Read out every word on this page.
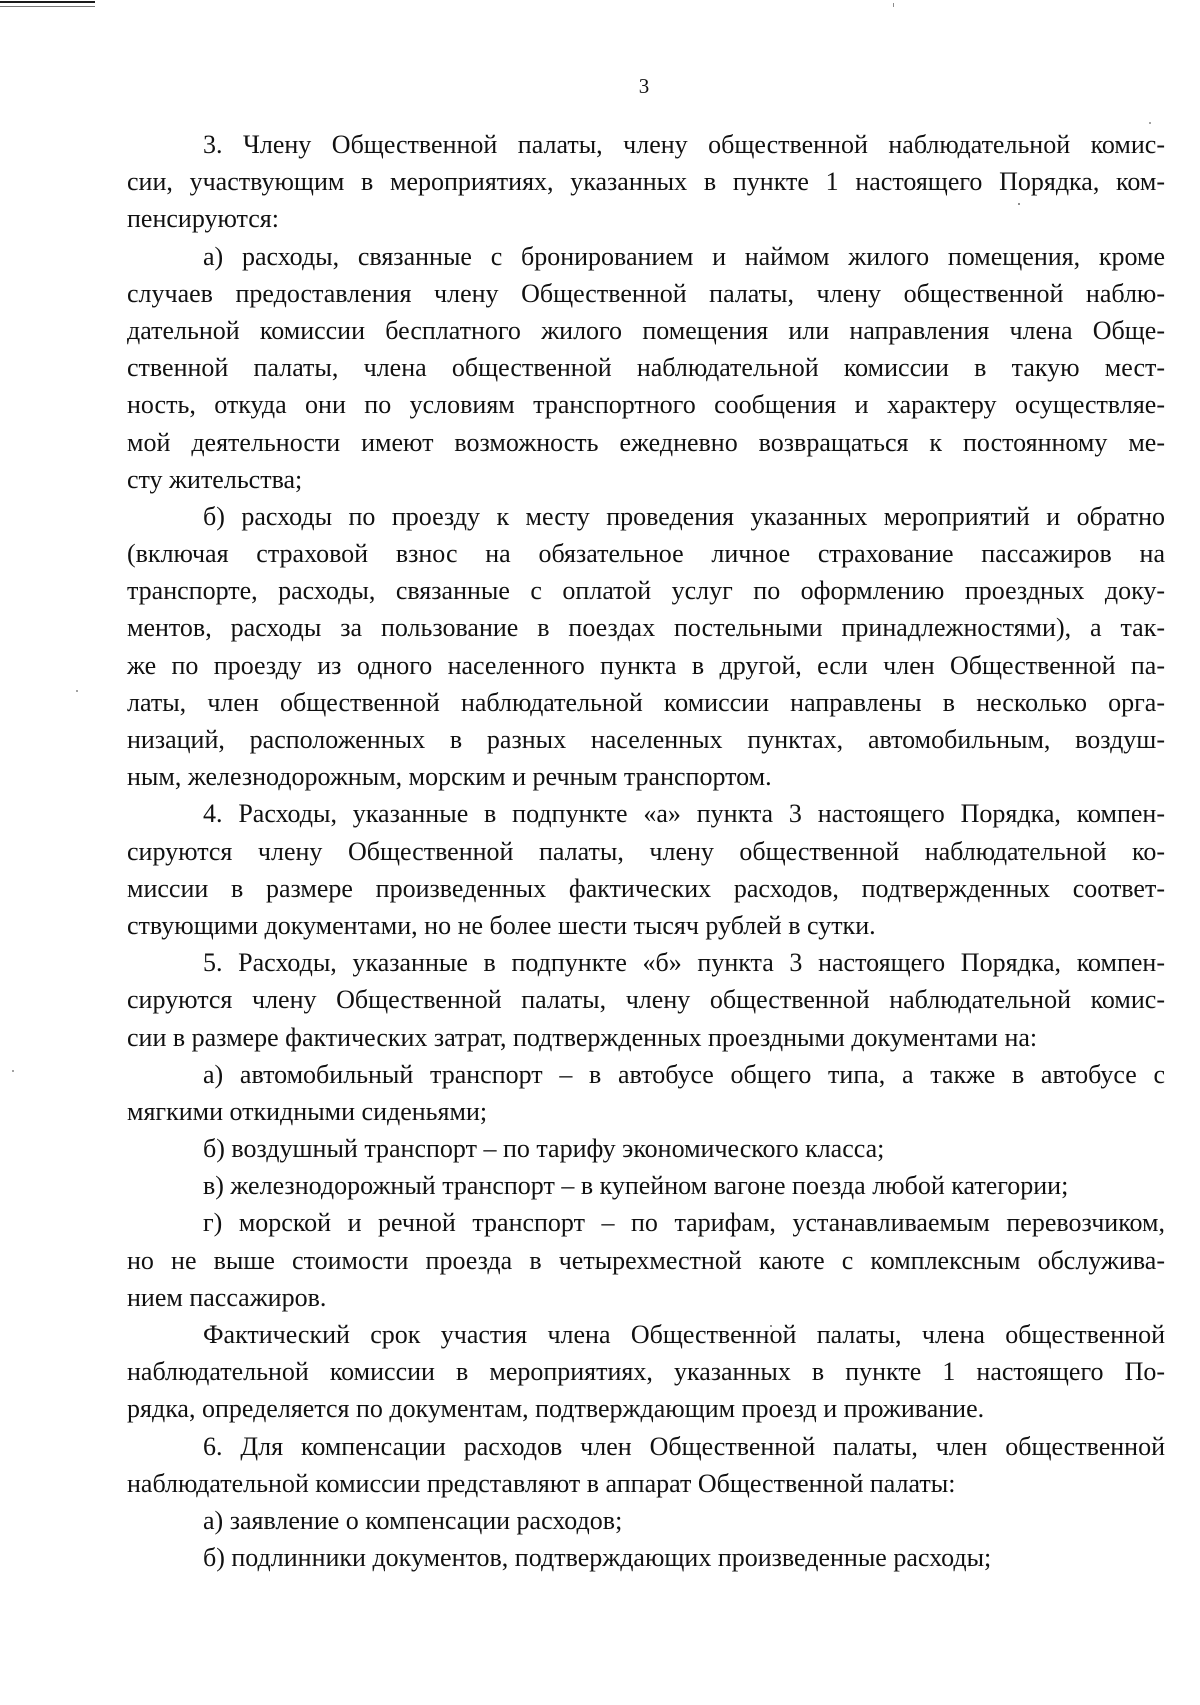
3
3. Члену Общественной палаты, члену общественной наблюдательной комис-
сии, участвующим в мероприятиях, указанных в пункте 1 настоящего Порядка, ком-
пенсируются:
а) расходы, связанные с бронированием и наймом жилого помещения, кроме
случаев предоставления члену Общественной палаты, члену общественной наблю-
дательной комиссии бесплатного жилого помещения или направления члена Обще-
ственной палаты, члена общественной наблюдательной комиссии в такую мест-
ность, откуда они по условиям транспортного сообщения и характеру осуществляе-
мой деятельности имеют возможность ежедневно возвращаться к постоянному ме-
сту жительства;
б) расходы по проезду к месту проведения указанных мероприятий и обратно
(включая страховой взнос на обязательное личное страхование пассажиров на
транспорте, расходы, связанные с оплатой услуг по оформлению проездных доку-
ментов, расходы за пользование в поездах постельными принадлежностями), а так-
же по проезду из одного населенного пункта в другой, если член Общественной па-
латы, член общественной наблюдательной комиссии направлены в несколько орга-
низаций, расположенных в разных населенных пунктах, автомобильным, воздуш-
ным, железнодорожным, морским и речным транспортом.
4. Расходы, указанные в подпункте «а» пункта 3 настоящего Порядка, компен-
сируются члену Общественной палаты, члену общественной наблюдательной ко-
миссии в размере произведенных фактических расходов, подтвержденных соответ-
ствующими документами, но не более шести тысяч рублей в сутки.
5. Расходы, указанные в подпункте «б» пункта 3 настоящего Порядка, компен-
сируются члену Общественной палаты, члену общественной наблюдательной комис-
сии в размере фактических затрат, подтвержденных проездными документами на:
а) автомобильный транспорт – в автобусе общего типа, а также в автобусе с
мягкими откидными сиденьями;
б) воздушный транспорт – по тарифу экономического класса;
в) железнодорожный транспорт – в купейном вагоне поезда любой категории;
г) морской и речной транспорт – по тарифам, устанавливаемым перевозчиком,
но не выше стоимости проезда в четырехместной каюте с комплексным обслужива-
нием пассажиров.
Фактический срок участия члена Общественной палаты, члена общественной
наблюдательной комиссии в мероприятиях, указанных в пункте 1 настоящего По-
рядка, определяется по документам, подтверждающим проезд и проживание.
6. Для компенсации расходов член Общественной палаты, член общественной
наблюдательной комиссии представляют в аппарат Общественной палаты:
а) заявление о компенсации расходов;
б) подлинники документов, подтверждающих произведенные расходы;
